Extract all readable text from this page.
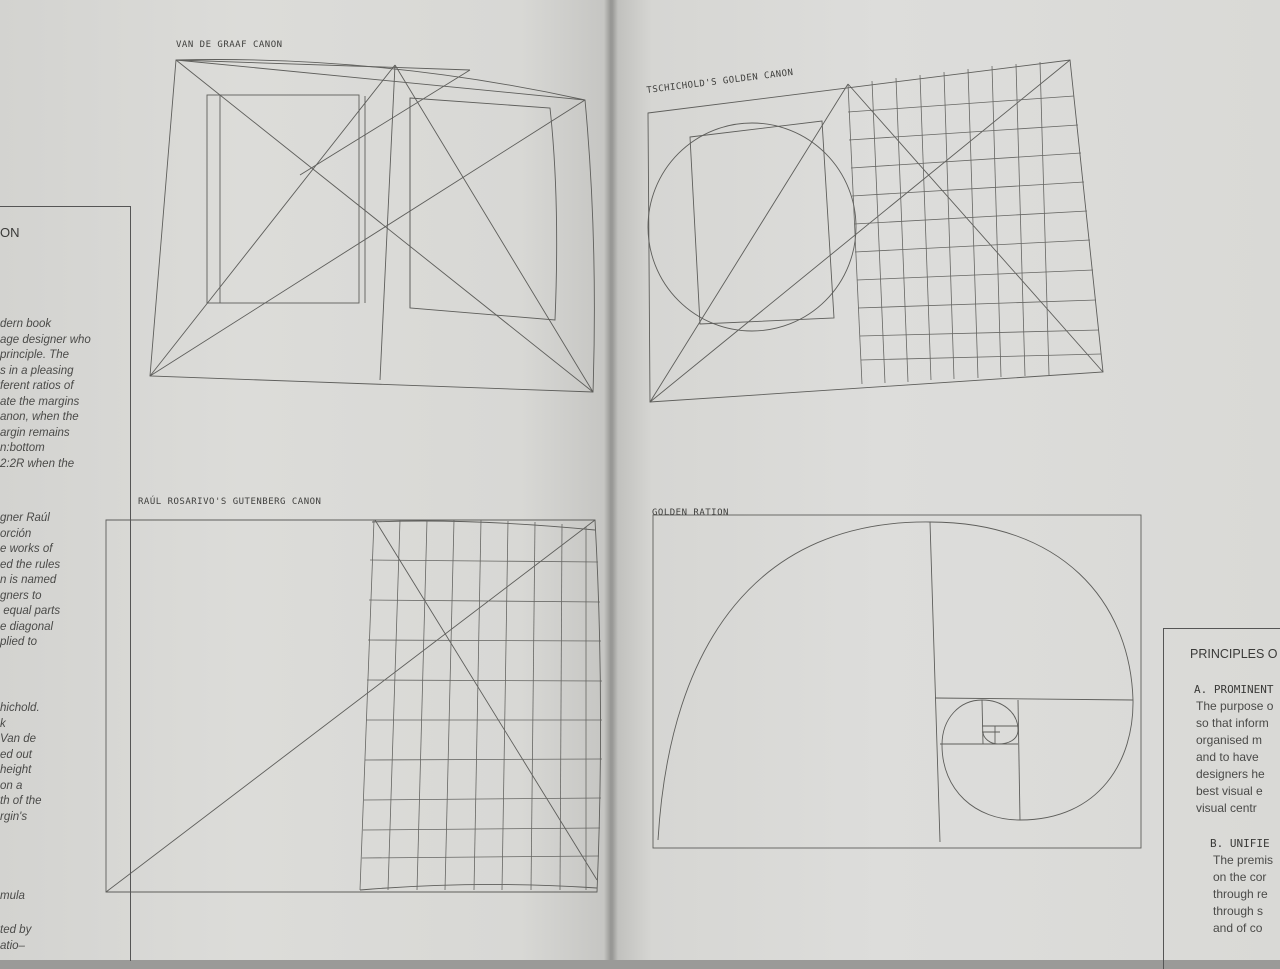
VAN DE GRAAF CANON
TSCHICHOLD'S GOLDEN CANON
RAÚL ROSARIVO'S GUTENBERG CANON
GOLDEN RATION
ON
dern book
age designer who
principle. The
s in a pleasing
ferent ratios of
ate the margins
anon, when the
argin remains
n:bottom
2:2R when the
gner Raúl
orción
e works of
ed the rules
n is named
gners to
equal parts
e diagonal
plied to
hichold.
k
Van de
ed out
height
on a
th of the
rgin's
mula
ted by
atio–
PRINCIPLES O
A. PROMINENT
The purpose o
so that inform
organised m
and to have
designers he
best visual e
visual centr
B. UNIFIE
The premis
on the cor
through re
through s
and of co
